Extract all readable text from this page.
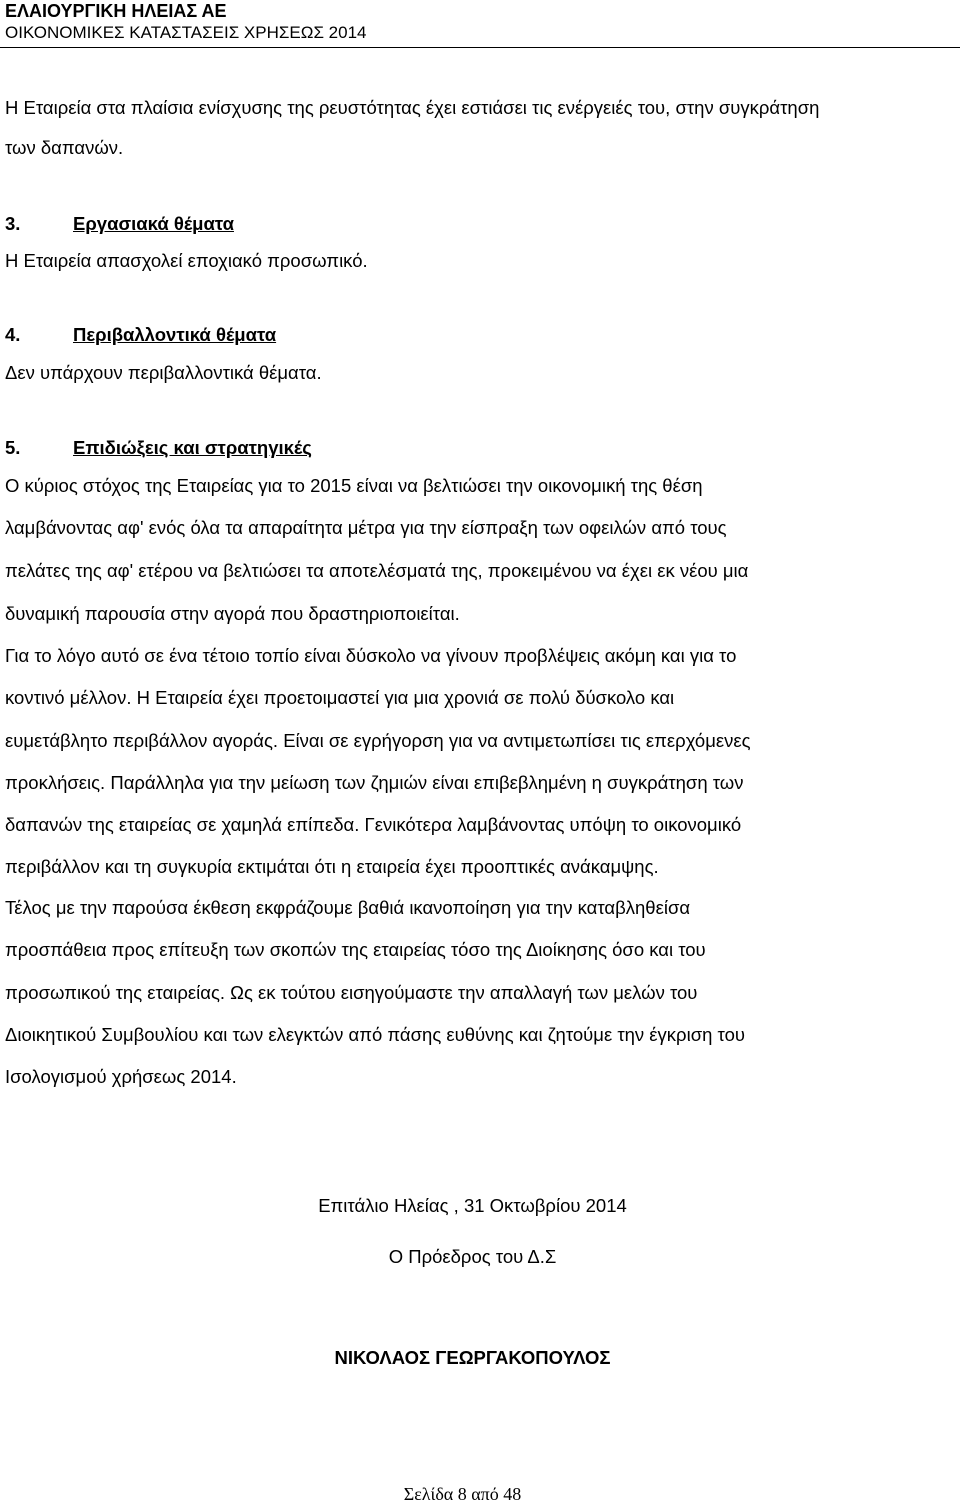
ΕΛΑΙΟΥΡΓΙΚΗ ΗΛΕΙΑΣ ΑΕ
ΟΙΚΟΝΟΜΙΚΕΣ ΚΑΤΑΣΤΑΣΕΙΣ ΧΡΗΣΕΩΣ 2014
Η Εταιρεία στα πλαίσια ενίσχυσης της ρευστότητας έχει εστιάσει τις ενέργειές του, στην συγκράτηση
των δαπανών.
3.	Εργασιακά θέματα
Η Εταιρεία απασχολεί εποχιακό προσωπικό.
4.	Περιβαλλοντικά θέματα
Δεν υπάρχουν περιβαλλοντικά θέματα.
5.	Επιδιώξεις και στρατηγικές
Ο κύριος στόχος της Εταιρείας για το 2015 είναι να βελτιώσει την οικονομική της θέση
λαμβάνοντας αφ' ενός όλα τα απαραίτητα μέτρα για την είσπραξη των οφειλών από τους
πελάτες της αφ' ετέρου να βελτιώσει τα αποτελέσματά της, προκειμένου να έχει εκ νέου μια
δυναμική παρουσία στην αγορά που δραστηριοποιείται.
Για το λόγο αυτό σε ένα τέτοιο τοπίο είναι δύσκολο να γίνουν προβλέψεις ακόμη και για το
κοντινό μέλλον. Η Εταιρεία έχει προετοιμαστεί για μια χρονιά σε πολύ δύσκολο και
ευμετάβλητο περιβάλλον αγοράς. Είναι σε εγρήγορση για να αντιμετωπίσει τις επερχόμενες
προκλήσεις. Παράλληλα για την μείωση των ζημιών είναι επιβεβλημένη η συγκράτηση των
δαπανών της εταιρείας σε χαμηλά επίπεδα. Γενικότερα λαμβάνοντας υπόψη το οικονομικό
περιβάλλον και τη συγκυρία εκτιμάται ότι η εταιρεία έχει προοπτικές ανάκαμψης.
Τέλος με την παρούσα έκθεση εκφράζουμε βαθιά ικανοποίηση για την καταβληθείσα
προσπάθεια προς επίτευξη των σκοπών της εταιρείας τόσο της Διοίκησης όσο και του
προσωπικού της εταιρείας. Ως εκ τούτου εισηγούμαστε την απαλλαγή των μελών του
Διοικητικού Συμβουλίου και των ελεγκτών από πάσης ευθύνης και ζητούμε την έγκριση του
Ισολογισμού χρήσεως 2014.
Επιτάλιο Ηλείας , 31 Οκτωβρίου 2014
Ο Πρόεδρος του Δ.Σ
ΝΙΚΟΛΑΟΣ ΓΕΩΡΓΑΚΟΠΟΥΛΟΣ
Σελίδα 8 από 48
